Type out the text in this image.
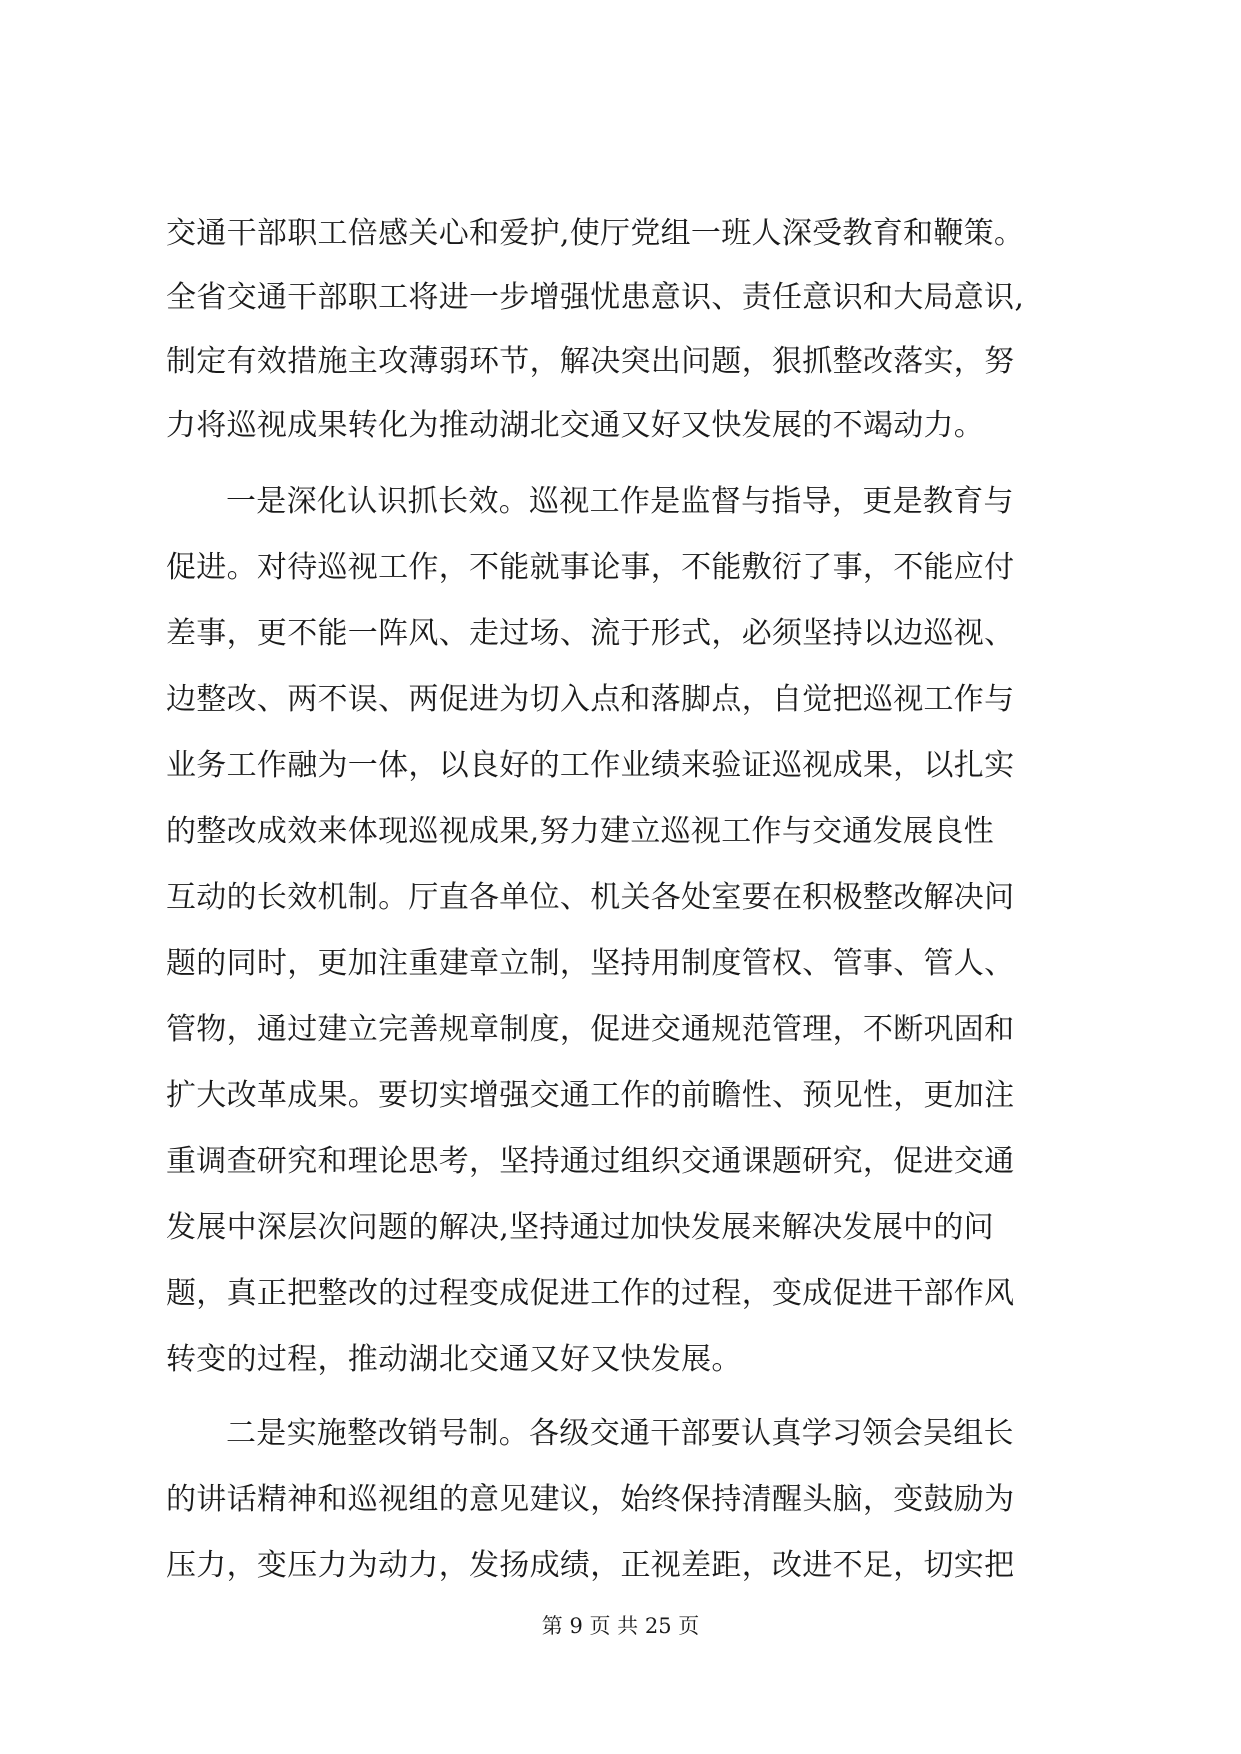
交通干部职工倍感关心和爱护,使厅党组一班人深受教育和鞭策。
全省交通干部职工将进一步增强忧患意识、责任意识和大局意识,
制定有效措施主攻薄弱环节，解决突出问题，狠抓整改落实，努
力将巡视成果转化为推动湖北交通又好又快发展的不竭动力。
一是深化认识抓长效。巡视工作是监督与指导，更是教育与
促进。对待巡视工作，不能就事论事，不能敷衍了事，不能应付
差事，更不能一阵风、走过场、流于形式，必须坚持以边巡视、
边整改、两不误、两促进为切入点和落脚点，自觉把巡视工作与
业务工作融为一体，以良好的工作业绩来验证巡视成果，以扎实
的整改成效来体现巡视成果,努力建立巡视工作与交通发展良性
互动的长效机制。厅直各单位、机关各处室要在积极整改解决问
题的同时，更加注重建章立制，坚持用制度管权、管事、管人、
管物，通过建立完善规章制度，促进交通规范管理，不断巩固和
扩大改革成果。要切实增强交通工作的前瞻性、预见性，更加注
重调查研究和理论思考，坚持通过组织交通课题研究，促进交通
发展中深层次问题的解决,坚持通过加快发展来解决发展中的问
题，真正把整改的过程变成促进工作的过程，变成促进干部作风
转变的过程，推动湖北交通又好又快发展。
二是实施整改销号制。各级交通干部要认真学习领会吴组长
的讲话精神和巡视组的意见建议，始终保持清醒头脑，变鼓励为
压力，变压力为动力，发扬成绩，正视差距，改进不足，切实把
第 9 页 共 25 页
